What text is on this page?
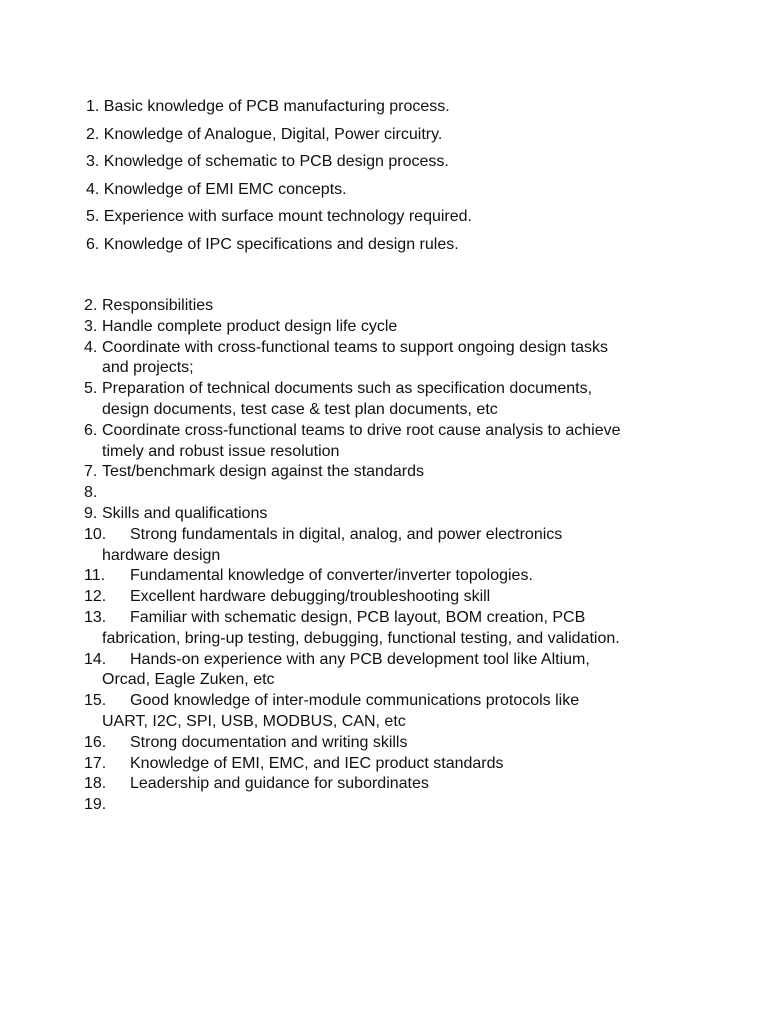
1. Basic knowledge of PCB manufacturing process.
2. Knowledge of Analogue, Digital, Power circuitry.
3. Knowledge of schematic to PCB design process.
4. Knowledge of EMI EMC concepts.
5. Experience with surface mount technology required.
6. Knowledge of IPC specifications and design rules.
2. Responsibilities
3. Handle complete product design life cycle
4. Coordinate with cross-functional teams to support ongoing design tasks
and projects;
5. Preparation of technical documents such as specification documents,
design documents, test case & test plan documents, etc
6. Coordinate cross-functional teams to drive root cause analysis to achieve
timely and robust issue resolution
7. Test/benchmark design against the standards
8.

9. Skills and qualifications
10.	Strong fundamentals in digital, analog, and power electronics
hardware design
11.	Fundamental knowledge of converter/inverter topologies.
12.	Excellent hardware debugging/troubleshooting skill
13.	Familiar with schematic design, PCB layout, BOM creation, PCB
fabrication, bring-up testing, debugging, functional testing, and validation.
14.	Hands-on experience with any PCB development tool like Altium,
Orcad, Eagle Zuken, etc
15.	Good knowledge of inter-module communications protocols like
UART, I2C, SPI, USB, MODBUS, CAN, etc
16.	Strong documentation and writing skills
17.	Knowledge of EMI, EMC, and IEC product standards
18.	Leadership and guidance for subordinates
19.
